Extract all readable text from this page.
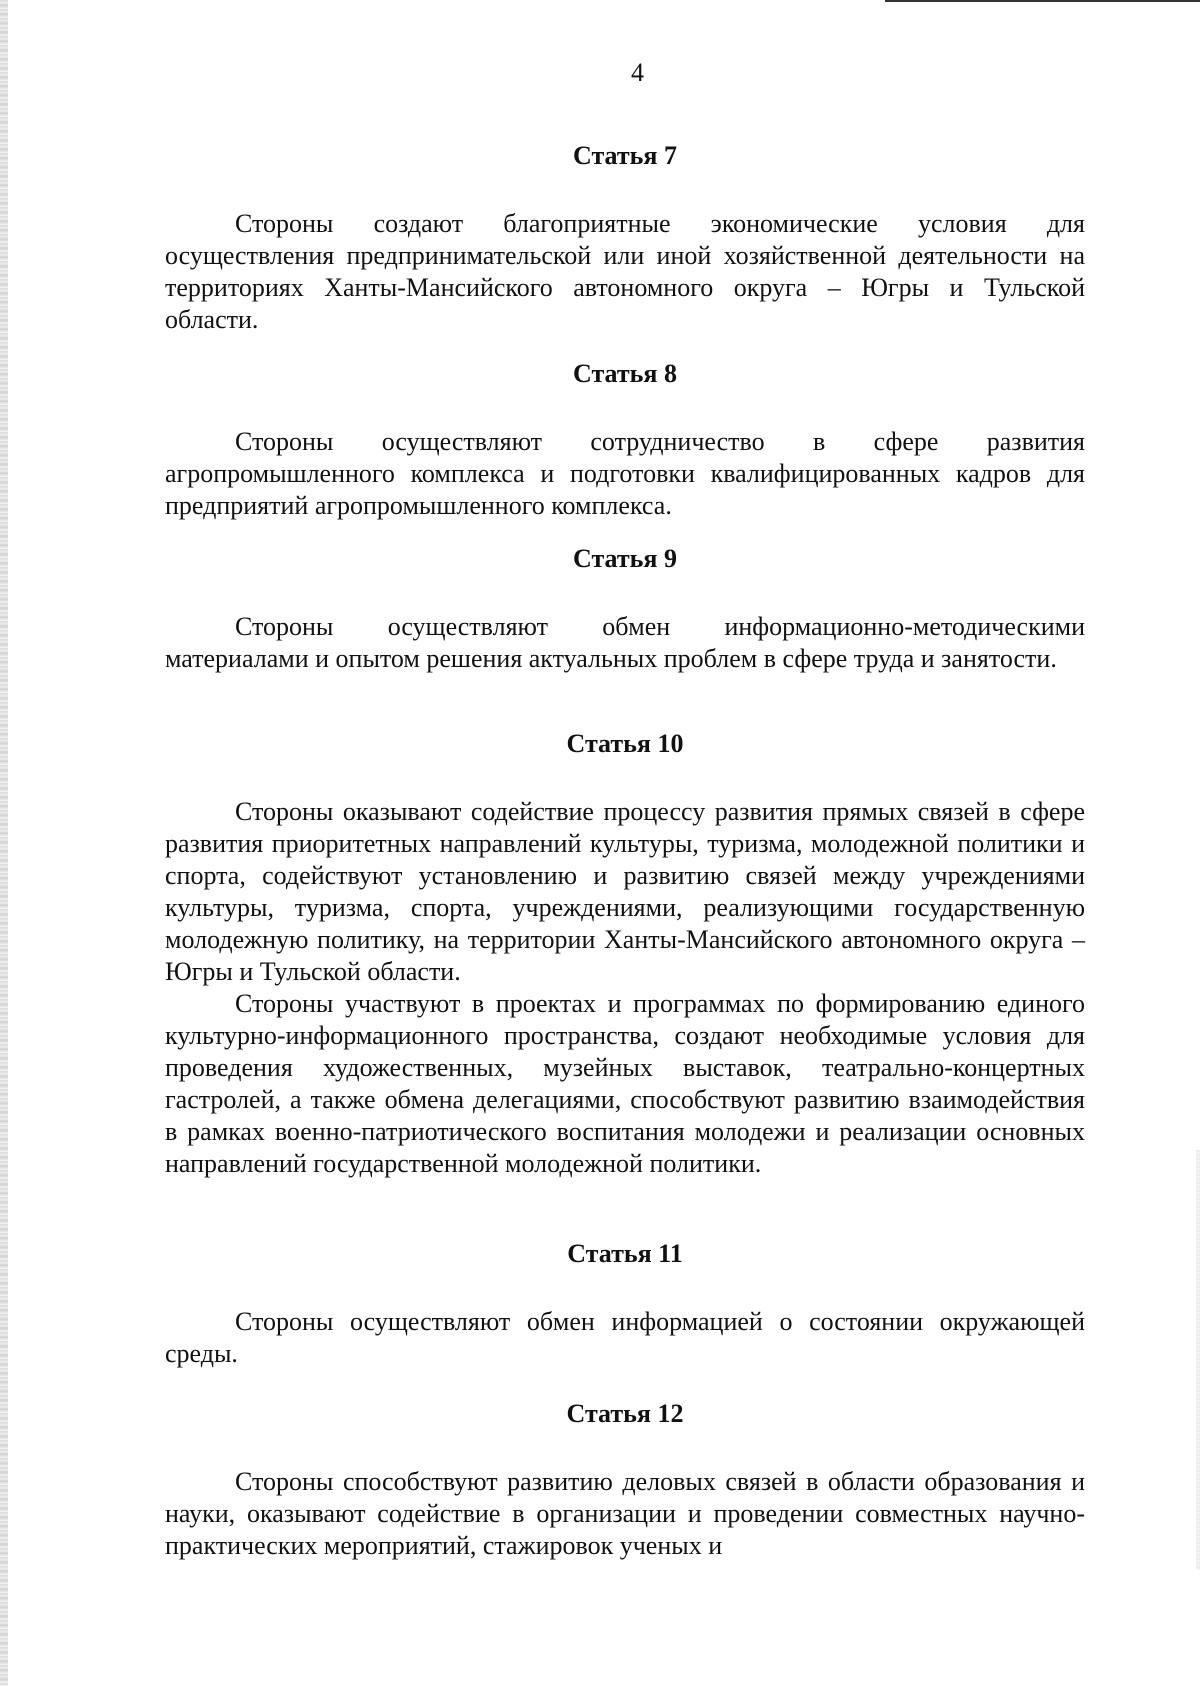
4
Статья 7

Стороны создают благоприятные экономические условия для осуществления предпринимательской или иной хозяйственной деятельности на территориях Ханты-Мансийского автономного округа – Югры и Тульской области.

Статья 8

Стороны осуществляют сотрудничество в сфере развития агропромышленного комплекса и подготовки квалифицированных кадров для предприятий агропромышленного комплекса.

Статья 9

Стороны осуществляют обмен информационно-методическими материалами и опытом решения актуальных проблем в сфере труда и занятости.

Статья 10

Стороны оказывают содействие процессу развития прямых связей в сфере развития приоритетных направлений культуры, туризма, молодежной политики и спорта, содействуют установлению и развитию связей между учреждениями культуры, туризма, спорта, учреждениями, реализующими государственную молодежную политику, на территории Ханты-Мансийского автономного округа – Югры и Тульской области.

Стороны участвуют в проектах и программах по формированию единого культурно-информационного пространства, создают необходимые условия для проведения художественных, музейных выставок, театрально-концертных гастролей, а также обмена делегациями, способствуют развитию взаимодействия в рамках военно-патриотического воспитания молодежи и реализации основных направлений государственной молодежной политики.

Статья 11

Стороны осуществляют обмен информацией о состоянии окружающей среды.

Статья 12

Стороны способствуют развитию деловых связей в области образования и науки, оказывают содействие в организации и проведении совместных научно-практических мероприятий, стажировок ученых и
